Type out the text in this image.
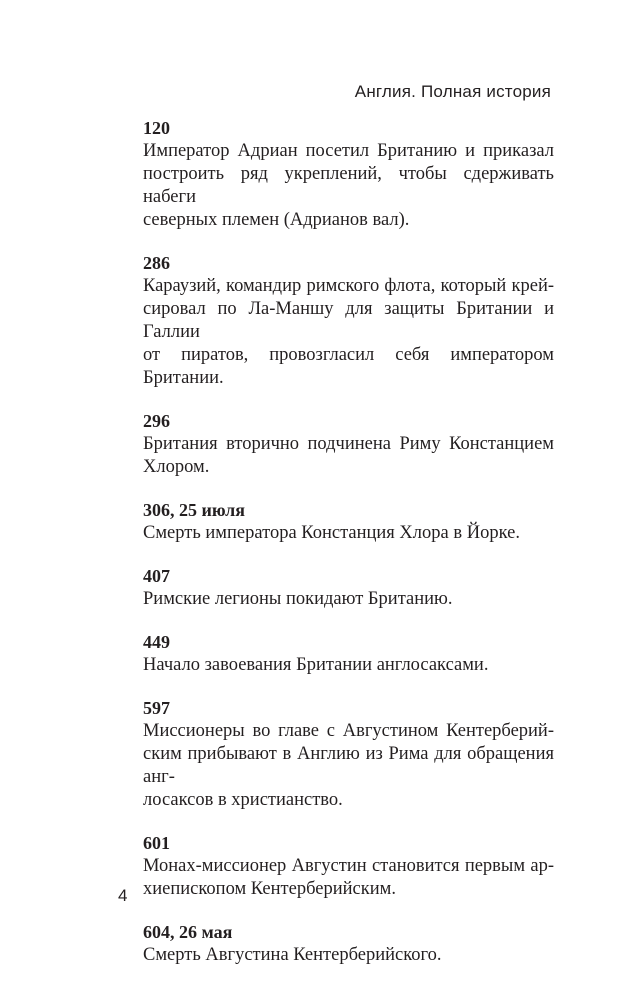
Англия. Полная история
120
Император Адриан посетил Британию и приказал
построить ряд укреплений, чтобы сдерживать набеги
северных племен (Адрианов вал).
286
Караузий, командир римского флота, который крей-
сировал по Ла-Маншу для защиты Британии и Галлии
от пиратов, провозгласил себя императором Британии.
296
Британия вторично подчинена Риму Констанцием
Хлором.
306, 25 июля
Смерть императора Констанция Хлора в Йорке.
407
Римские легионы покидают Британию.
449
Начало завоевания Британии англосаксами.
597
Миссионеры во главе с Августином Кентерберий-
ским прибывают в Англию из Рима для обращения анг-
лосаксов в христианство.
601
Монах-миссионер Августин становится первым ар-
хиепископом Кентерберийским.
604, 26 мая
Смерть Августина Кентерберийского.
4
